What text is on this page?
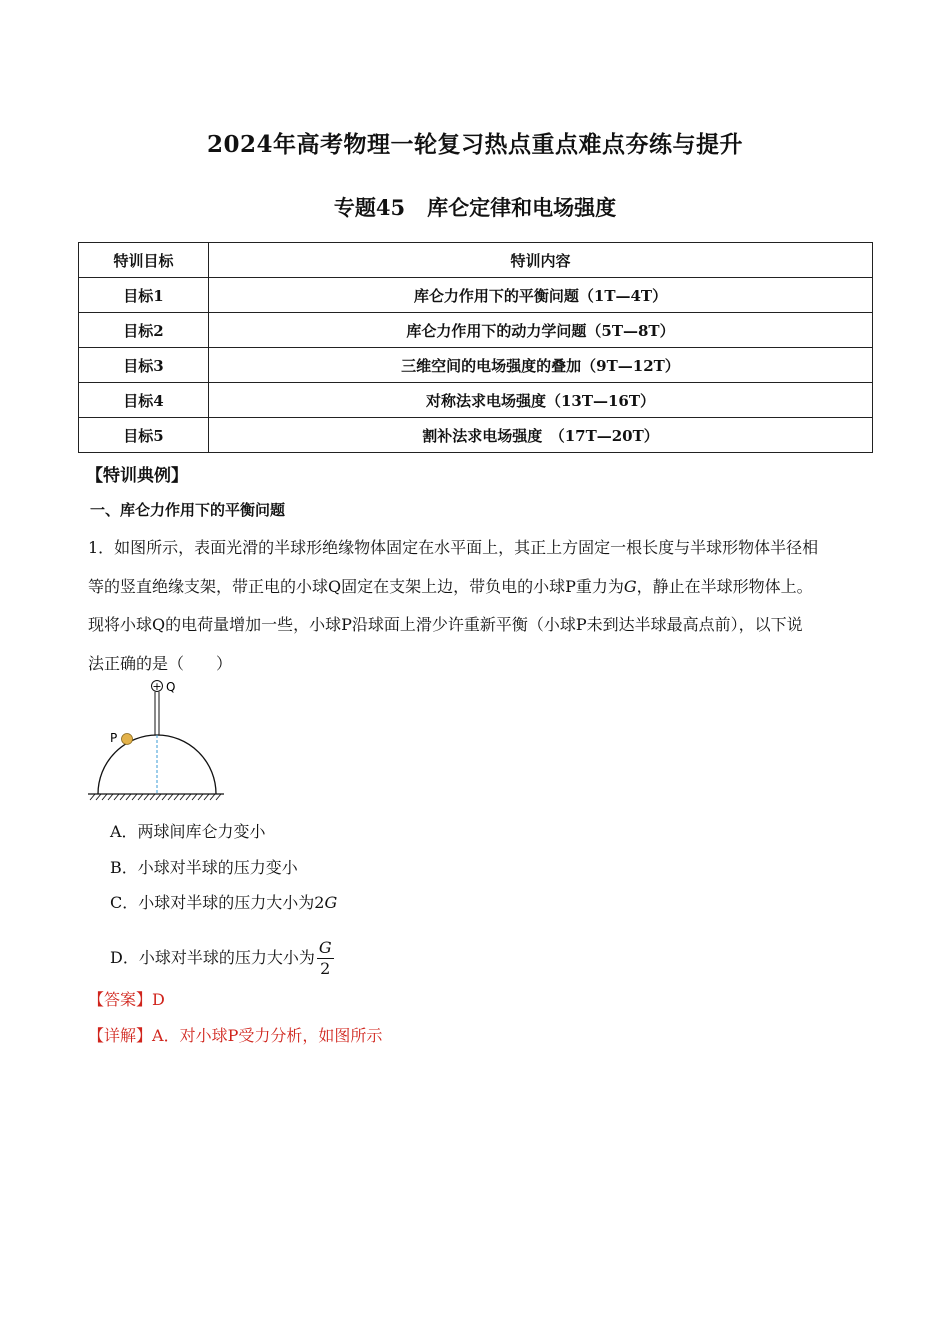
2024年高考物理一轮复习热点重点难点夯练与提升
专题45 库仑定律和电场强度
特训目标	特训内容
目标1	库仑力作用下的平衡问题（1T—4T）
目标2	库仑力作用下的动力学问题（5T—8T）
目标3	三维空间的电场强度的叠加（9T—12T）
目标4	对称法求电场强度（13T—16T）
目标5	割补法求电场强度　（17T—20T）
【特训典例】
一、库仑力作用下的平衡问题

1．如图所示，表面光滑的半球形绝缘物体固定在水平面上，其正上方固定一根长度与半球形物体半径相

等的竖直绝缘支架，带正电的小球Q固定在支架上边，带负电的小球P重力为G，静止在半球形物体上。

现将小球Q的电荷量增加一些，小球P沿球面上滑少许重新平衡（小球P未到达半球最高点前），以下说

法正确的是（　　）

+ Q
P
A．两球间库仑力变小
B．小球对半球的压力变小
C．小球对半球的压力大小为2G
D．小球对半球的压力大小为 $\frac{G}{2}$
【答案】D
【详解】A．对小球P受力分析，如图所示
